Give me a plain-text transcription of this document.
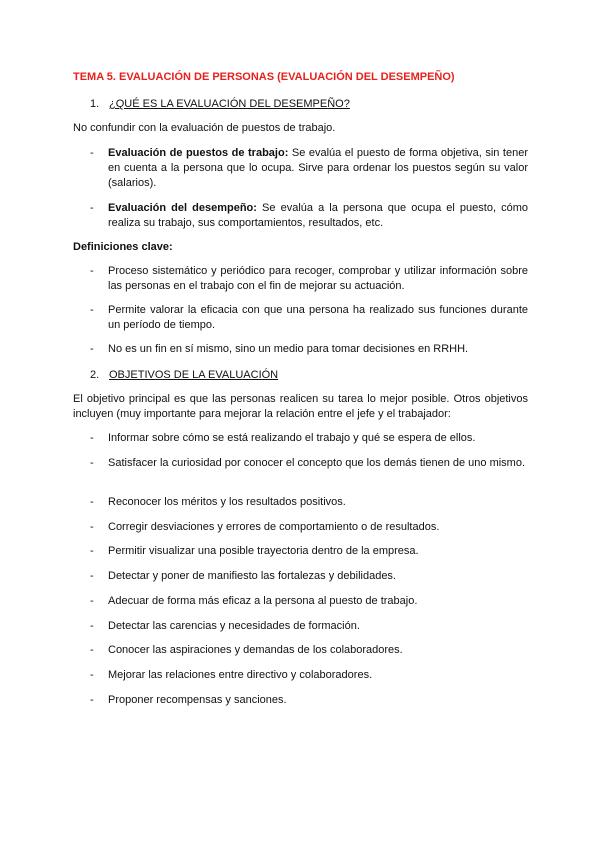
TEMA 5. EVALUACIÓN DE PERSONAS (EVALUACIÓN DEL DESEMPEÑO)
1. ¿QUÉ ES LA EVALUACIÓN DEL DESEMPEÑO?
No confundir con la evaluación de puestos de trabajo.
- Evaluación de puestos de trabajo: Se evalúa el puesto de forma objetiva, sin tener en cuenta a la persona que lo ocupa. Sirve para ordenar los puestos según su valor (salarios).
- Evaluación del desempeño: Se evalúa a la persona que ocupa el puesto, cómo realiza su trabajo, sus comportamientos, resultados, etc.
Definiciones clave:
- Proceso sistemático y periódico para recoger, comprobar y utilizar información sobre las personas en el trabajo con el fin de mejorar su actuación.
- Permite valorar la eficacia con que una persona ha realizado sus funciones durante un período de tiempo.
- No es un fin en sí mismo, sino un medio para tomar decisiones en RRHH.
2. OBJETIVOS DE LA EVALUACIÓN
El objetivo principal es que las personas realicen su tarea lo mejor posible. Otros objetivos incluyen (muy importante para mejorar la relación entre el jefe y el trabajador:
- Informar sobre cómo se está realizando el trabajo y qué se espera de ellos.
- Satisfacer la curiosidad por conocer el concepto que los demás tienen de uno mismo.
- Reconocer los méritos y los resultados positivos.
- Corregir desviaciones y errores de comportamiento o de resultados.
- Permitir visualizar una posible trayectoria dentro de la empresa.
- Detectar y poner de manifiesto las fortalezas y debilidades.
- Adecuar de forma más eficaz a la persona al puesto de trabajo.
- Detectar las carencias y necesidades de formación.
- Conocer las aspiraciones y demandas de los colaboradores.
- Mejorar las relaciones entre directivo y colaboradores.
- Proponer recompensas y sanciones.
